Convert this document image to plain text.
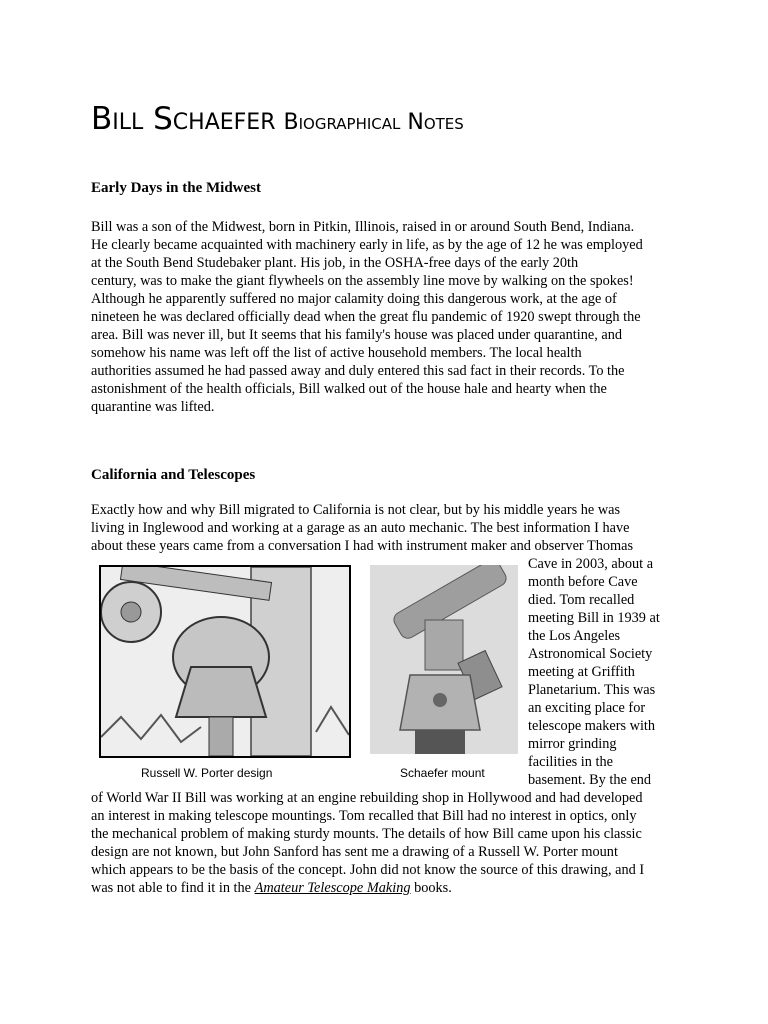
Bill Schaefer Biographical Notes
Early Days in the Midwest
Bill was a son of the Midwest, born in Pitkin, Illinois, raised in or around South Bend, Indiana.
He clearly became acquainted with machinery early in life, as by the age of 12 he was employed
at the South Bend Studebaker plant. His job, in the OSHA-free days of the early 20th
century, was to make the giant flywheels on the assembly line move by walking on the spokes!
Although he apparently suffered no major calamity doing this dangerous work, at the age of
nineteen he was declared officially dead when the great flu pandemic of 1920 swept through the
area. Bill was never ill, but It seems that his family's house was placed under quarantine, and
somehow his name was left off the list of active household members. The local health
authorities assumed he had passed away and duly entered this sad fact in their records. To the
astonishment of the health officials, Bill walked out of the house hale and hearty when the
quarantine was lifted.
California and Telescopes
Exactly how and why Bill migrated to California is not clear, but by his middle years he was
living in Inglewood and working at a garage as an auto mechanic. The best information I have
about these years came from a conversation I had with instrument maker and observer Thomas
Russell W. Porter design	Schaefer mount
Cave in 2003, about a
month before Cave
died. Tom recalled
meeting Bill in 1939 at
the Los Angeles
Astronomical Society
meeting at Griffith
Planetarium. This was
an exciting place for
telescope makers with
mirror grinding
facilities in the
basement. By the end
of World War II Bill was working at an engine rebuilding shop in Hollywood and had developed
an interest in making telescope mountings. Tom recalled that Bill had no interest in optics, only
the mechanical problem of making sturdy mounts. The details of how Bill came upon his classic
design are not known, but John Sanford has sent me a drawing of a Russell W. Porter mount
which appears to be the basis of the concept. John did not know the source of this drawing, and I
was not able to find it in the Amateur Telescope Making books.
